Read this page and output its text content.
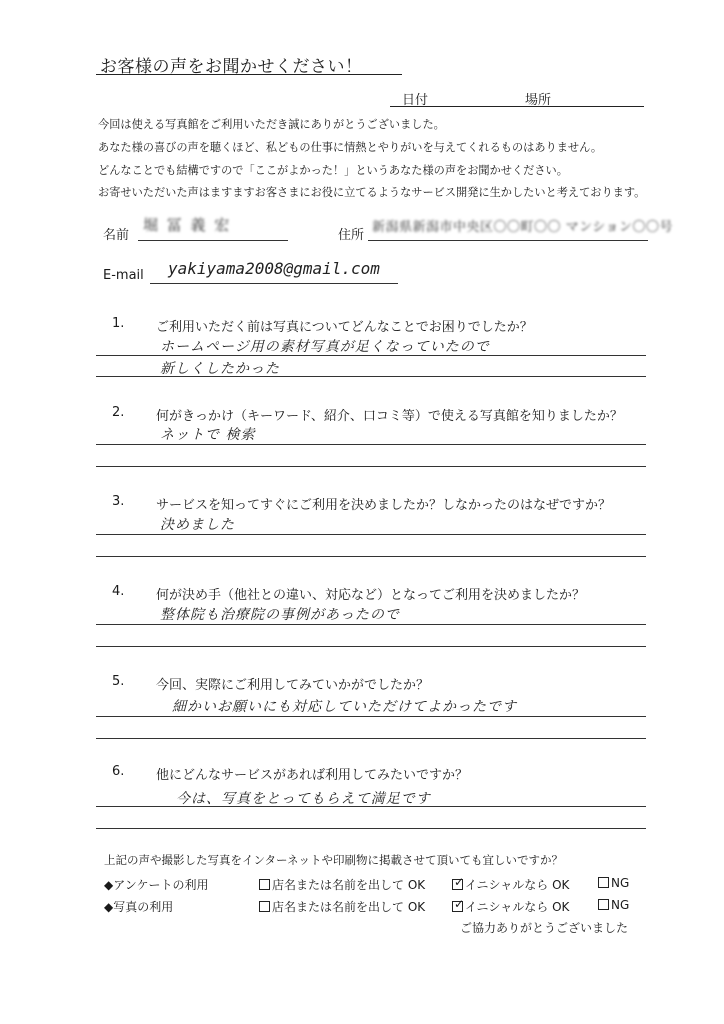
お客様の声をお聞かせください！
日付	場所
今回は使える写真館をご利用いただき誠にありがとうございました。
あなた様の喜びの声を聴くほど、私どもの仕事に情熱とやりがいを与えてくれるものはありません。
どんなことでも結構ですので「ここがよかった！」というあなた様の声をお聞かせください。
お寄せいただいた声はますますお客さまにお役に立てるようなサービス開発に生かしたいと考えております。
名前
堀 冨 義 宏
住所
新潟県新潟市中央区〇〇町〇〇 マンション〇〇号
E-mail yakiyama2008@gmail.com
1. ご利用いただく前は写真についてどんなことでお困りでしたか？
ホームページ用の素材写真が足くなっていたので
新しくしたかった
2. 何がきっかけ（キーワード、紹介、口コミ等）で使える写真館を知りましたか？
ネットで 検索
3. サービスを知ってすぐにご利用を決めましたか？しなかったのはなぜですか？
決めました
4. 何が決め手（他社との違い、対応など）となってご利用を決めましたか？
整体院も治療院の事例があったので
5. 今回、実際にご利用してみていかがでしたか？
細かいお願いにも対応していただけてよかったです
6. 他にどんなサービスがあれば利用してみたいですか？
今は、写真をとってもらえて満足です
上記の声や撮影した写真をインターネットや印刷物に掲載させて頂いても宜しいですか？
◆アンケートの利用	店名または名前を出して OK ✓ イニシャルなら OK	NG
◆写真の利用	店名または名前を出して OK ✓ イニシャルなら OK	NG
ご協力ありがとうございました
